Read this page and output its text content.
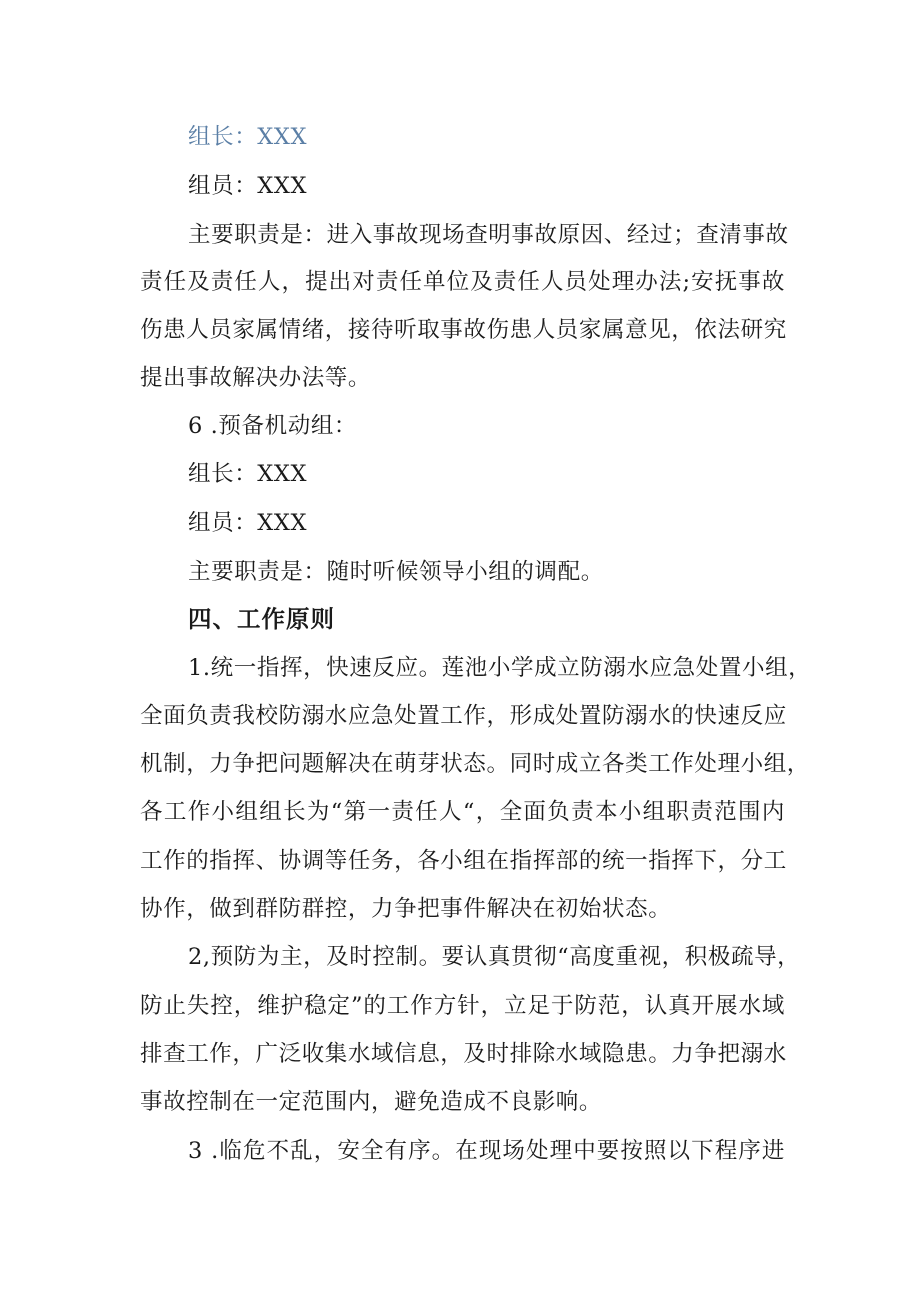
组长：XXX
组员：XXX
主要职责是：进入事故现场查明事故原因、经过；查清事故
责任及责任人，提出对责任单位及责任人员处理办法;安抚事故
伤患人员家属情绪，接待听取事故伤患人员家属意见，依法研究
提出事故解决办法等。
6 .预备机动组：
组长：XXX
组员：XXX
主要职责是：随时听候领导小组的调配。
四、工作原则
1.统一指挥，快速反应。莲池小学成立防溺水应急处置小组，
全面负责我校防溺水应急处置工作，形成处置防溺水的快速反应
机制，力争把问题解决在萌芽状态。同时成立各类工作处理小组，
各工作小组组长为“第一责任人“，全面负责本小组职责范围内
工作的指挥、协调等任务，各小组在指挥部的统一指挥下，分工
协作，做到群防群控，力争把事件解决在初始状态。
2,预防为主，及时控制。要认真贯彻“高度重视，积极疏导，
防止失控，维护稳定”的工作方针，立足于防范，认真开展水域
排查工作，广泛收集水域信息，及时排除水域隐患。力争把溺水
事故控制在一定范围内，避免造成不良影响。
3 .临危不乱，安全有序。在现场处理中要按照以下程序进
